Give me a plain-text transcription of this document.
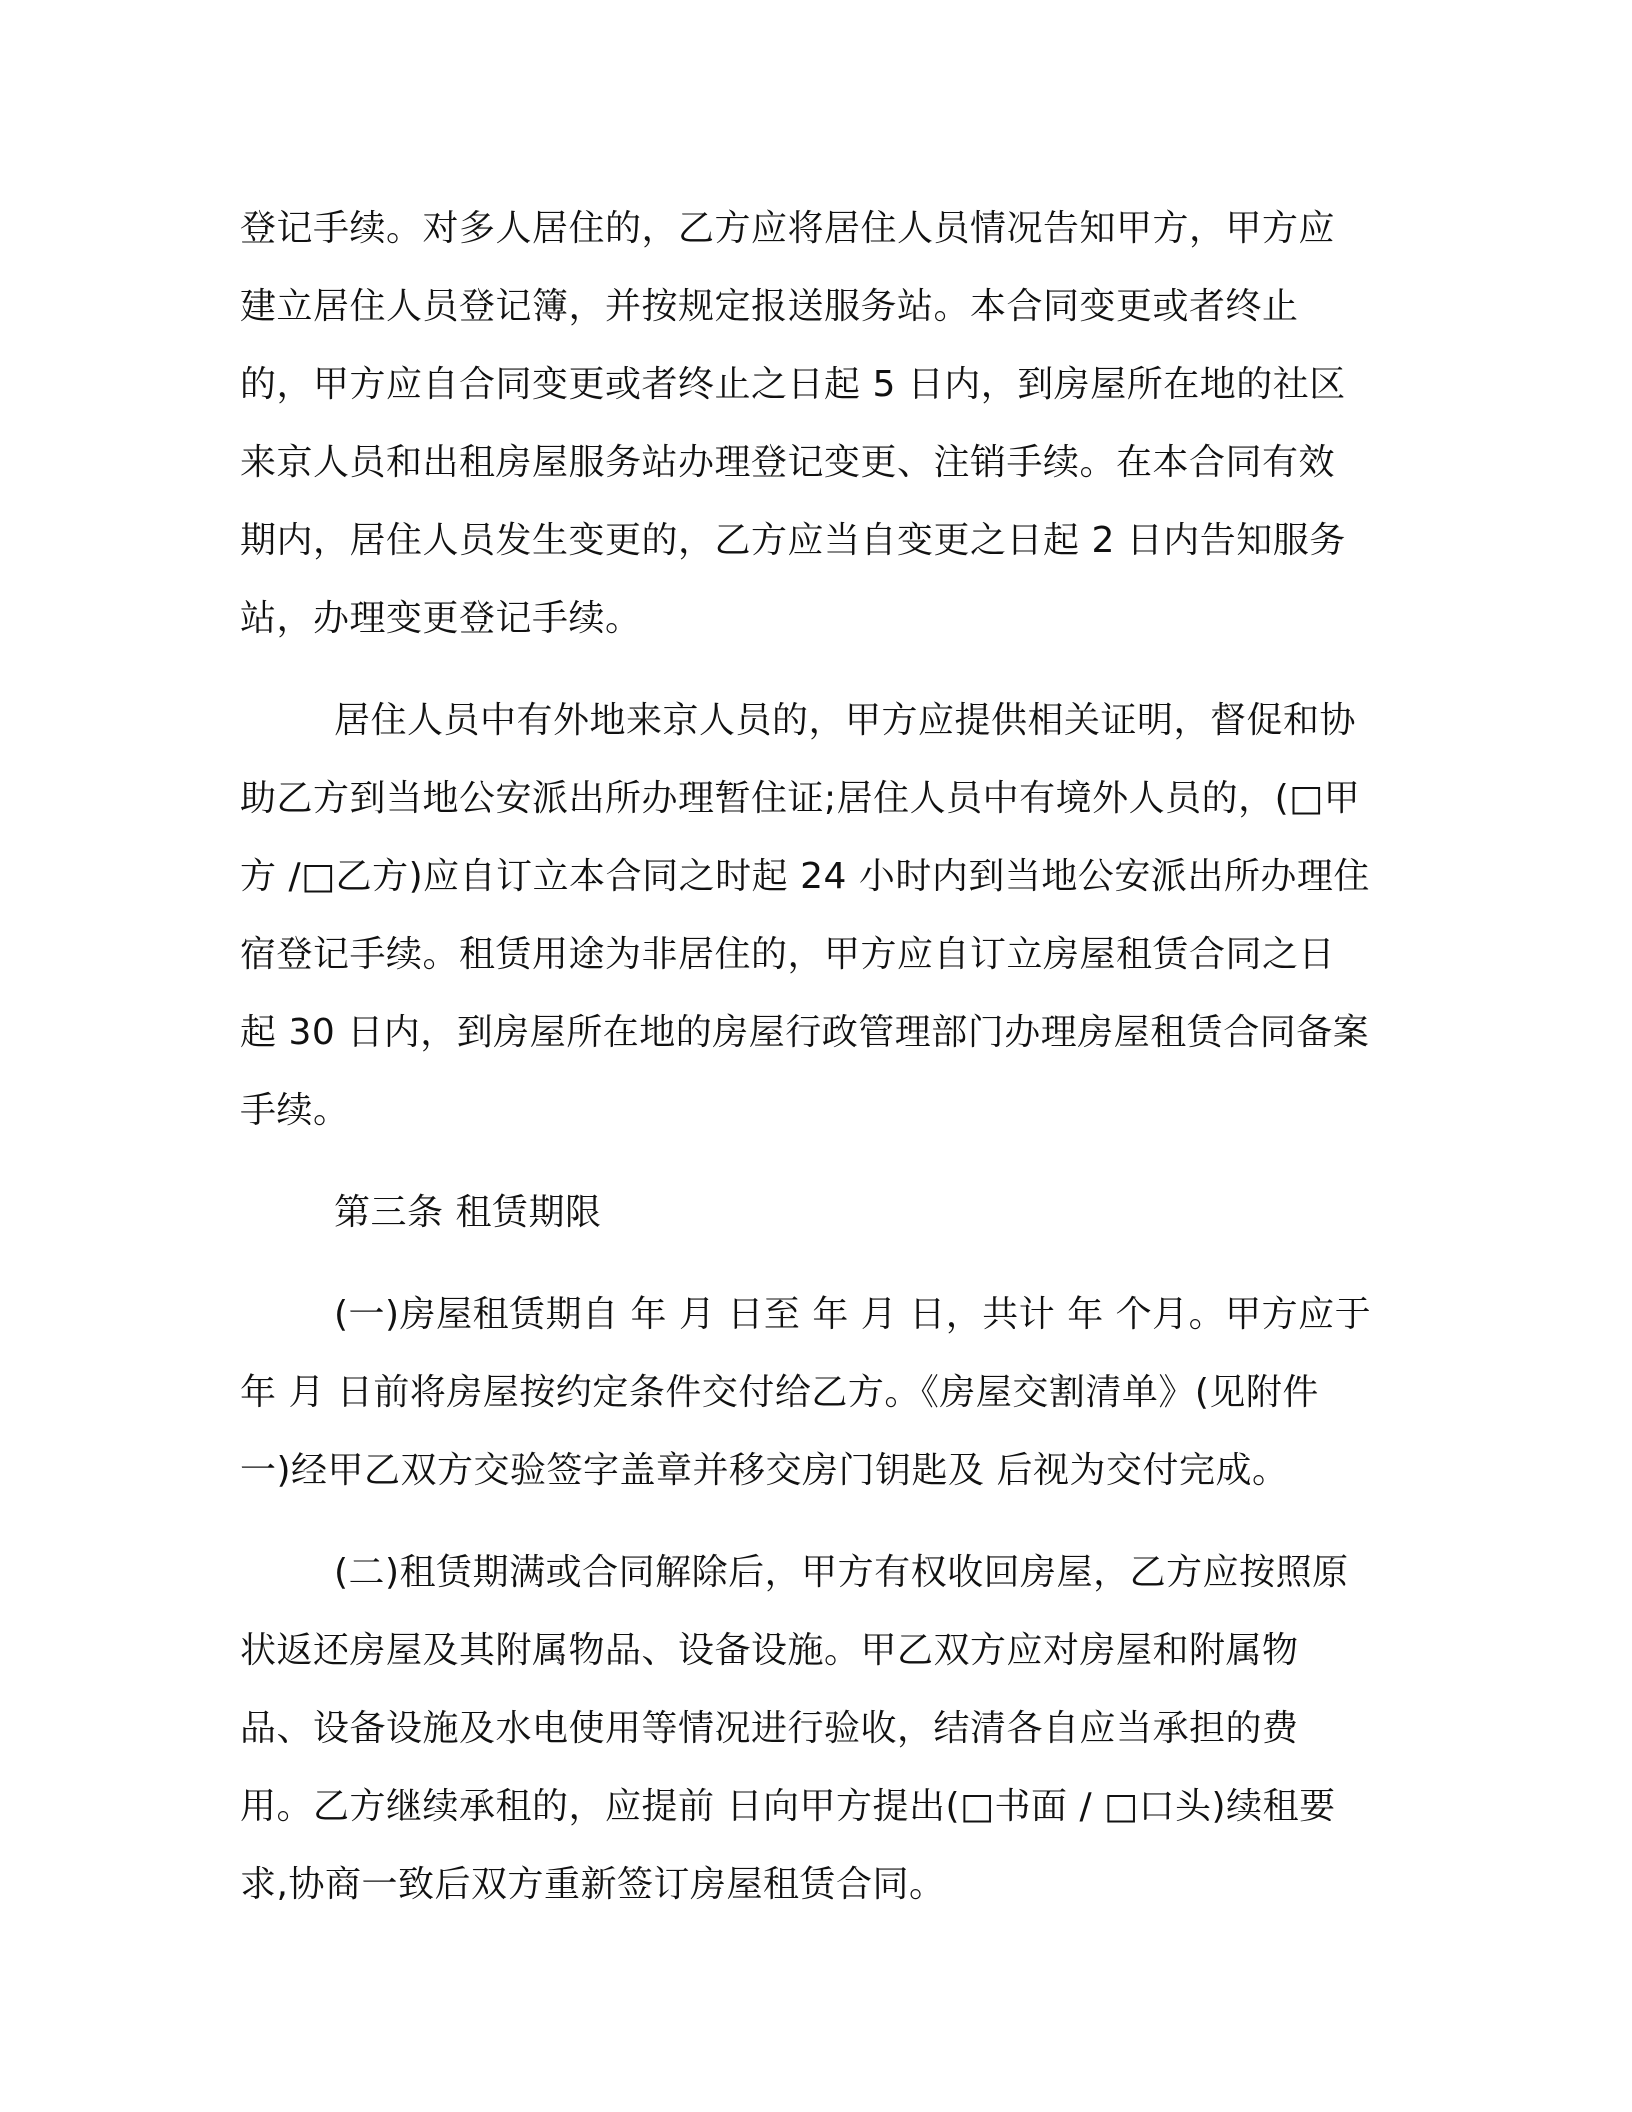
登记手续。对多人居住的，乙方应将居住人员情况告知甲方，甲方应
建立居住人员登记簿，并按规定报送服务站。本合同变更或者终止
的，甲方应自合同变更或者终止之日起 5 日内，到房屋所在地的社区
来京人员和出租房屋服务站办理登记变更、注销手续。在本合同有效
期内，居住人员发生变更的，乙方应当自变更之日起 2 日内告知服务
站，办理变更登记手续。
居住人员中有外地来京人员的，甲方应提供相关证明，督促和协
助乙方到当地公安派出所办理暂住证;居住人员中有境外人员的，(□甲
方 /□乙方)应自订立本合同之时起 24 小时内到当地公安派出所办理住
宿登记手续。租赁用途为非居住的，甲方应自订立房屋租赁合同之日
起 30 日内，到房屋所在地的房屋行政管理部门办理房屋租赁合同备案
手续。
第三条 租赁期限
(一)房屋租赁期自 年 月 日至 年 月 日，共计 年 个月。甲方应于
年 月 日前将房屋按约定条件交付给乙方。《房屋交割清单》(见附件
一)经甲乙双方交验签字盖章并移交房门钥匙及 后视为交付完成。
(二)租赁期满或合同解除后，甲方有权收回房屋，乙方应按照原
状返还房屋及其附属物品、设备设施。甲乙双方应对房屋和附属物
品、设备设施及水电使用等情况进行验收，结清各自应当承担的费
用。乙方继续承租的，应提前 日向甲方提出(□书面 / □口头)续租要
求,协商一致后双方重新签订房屋租赁合同。
